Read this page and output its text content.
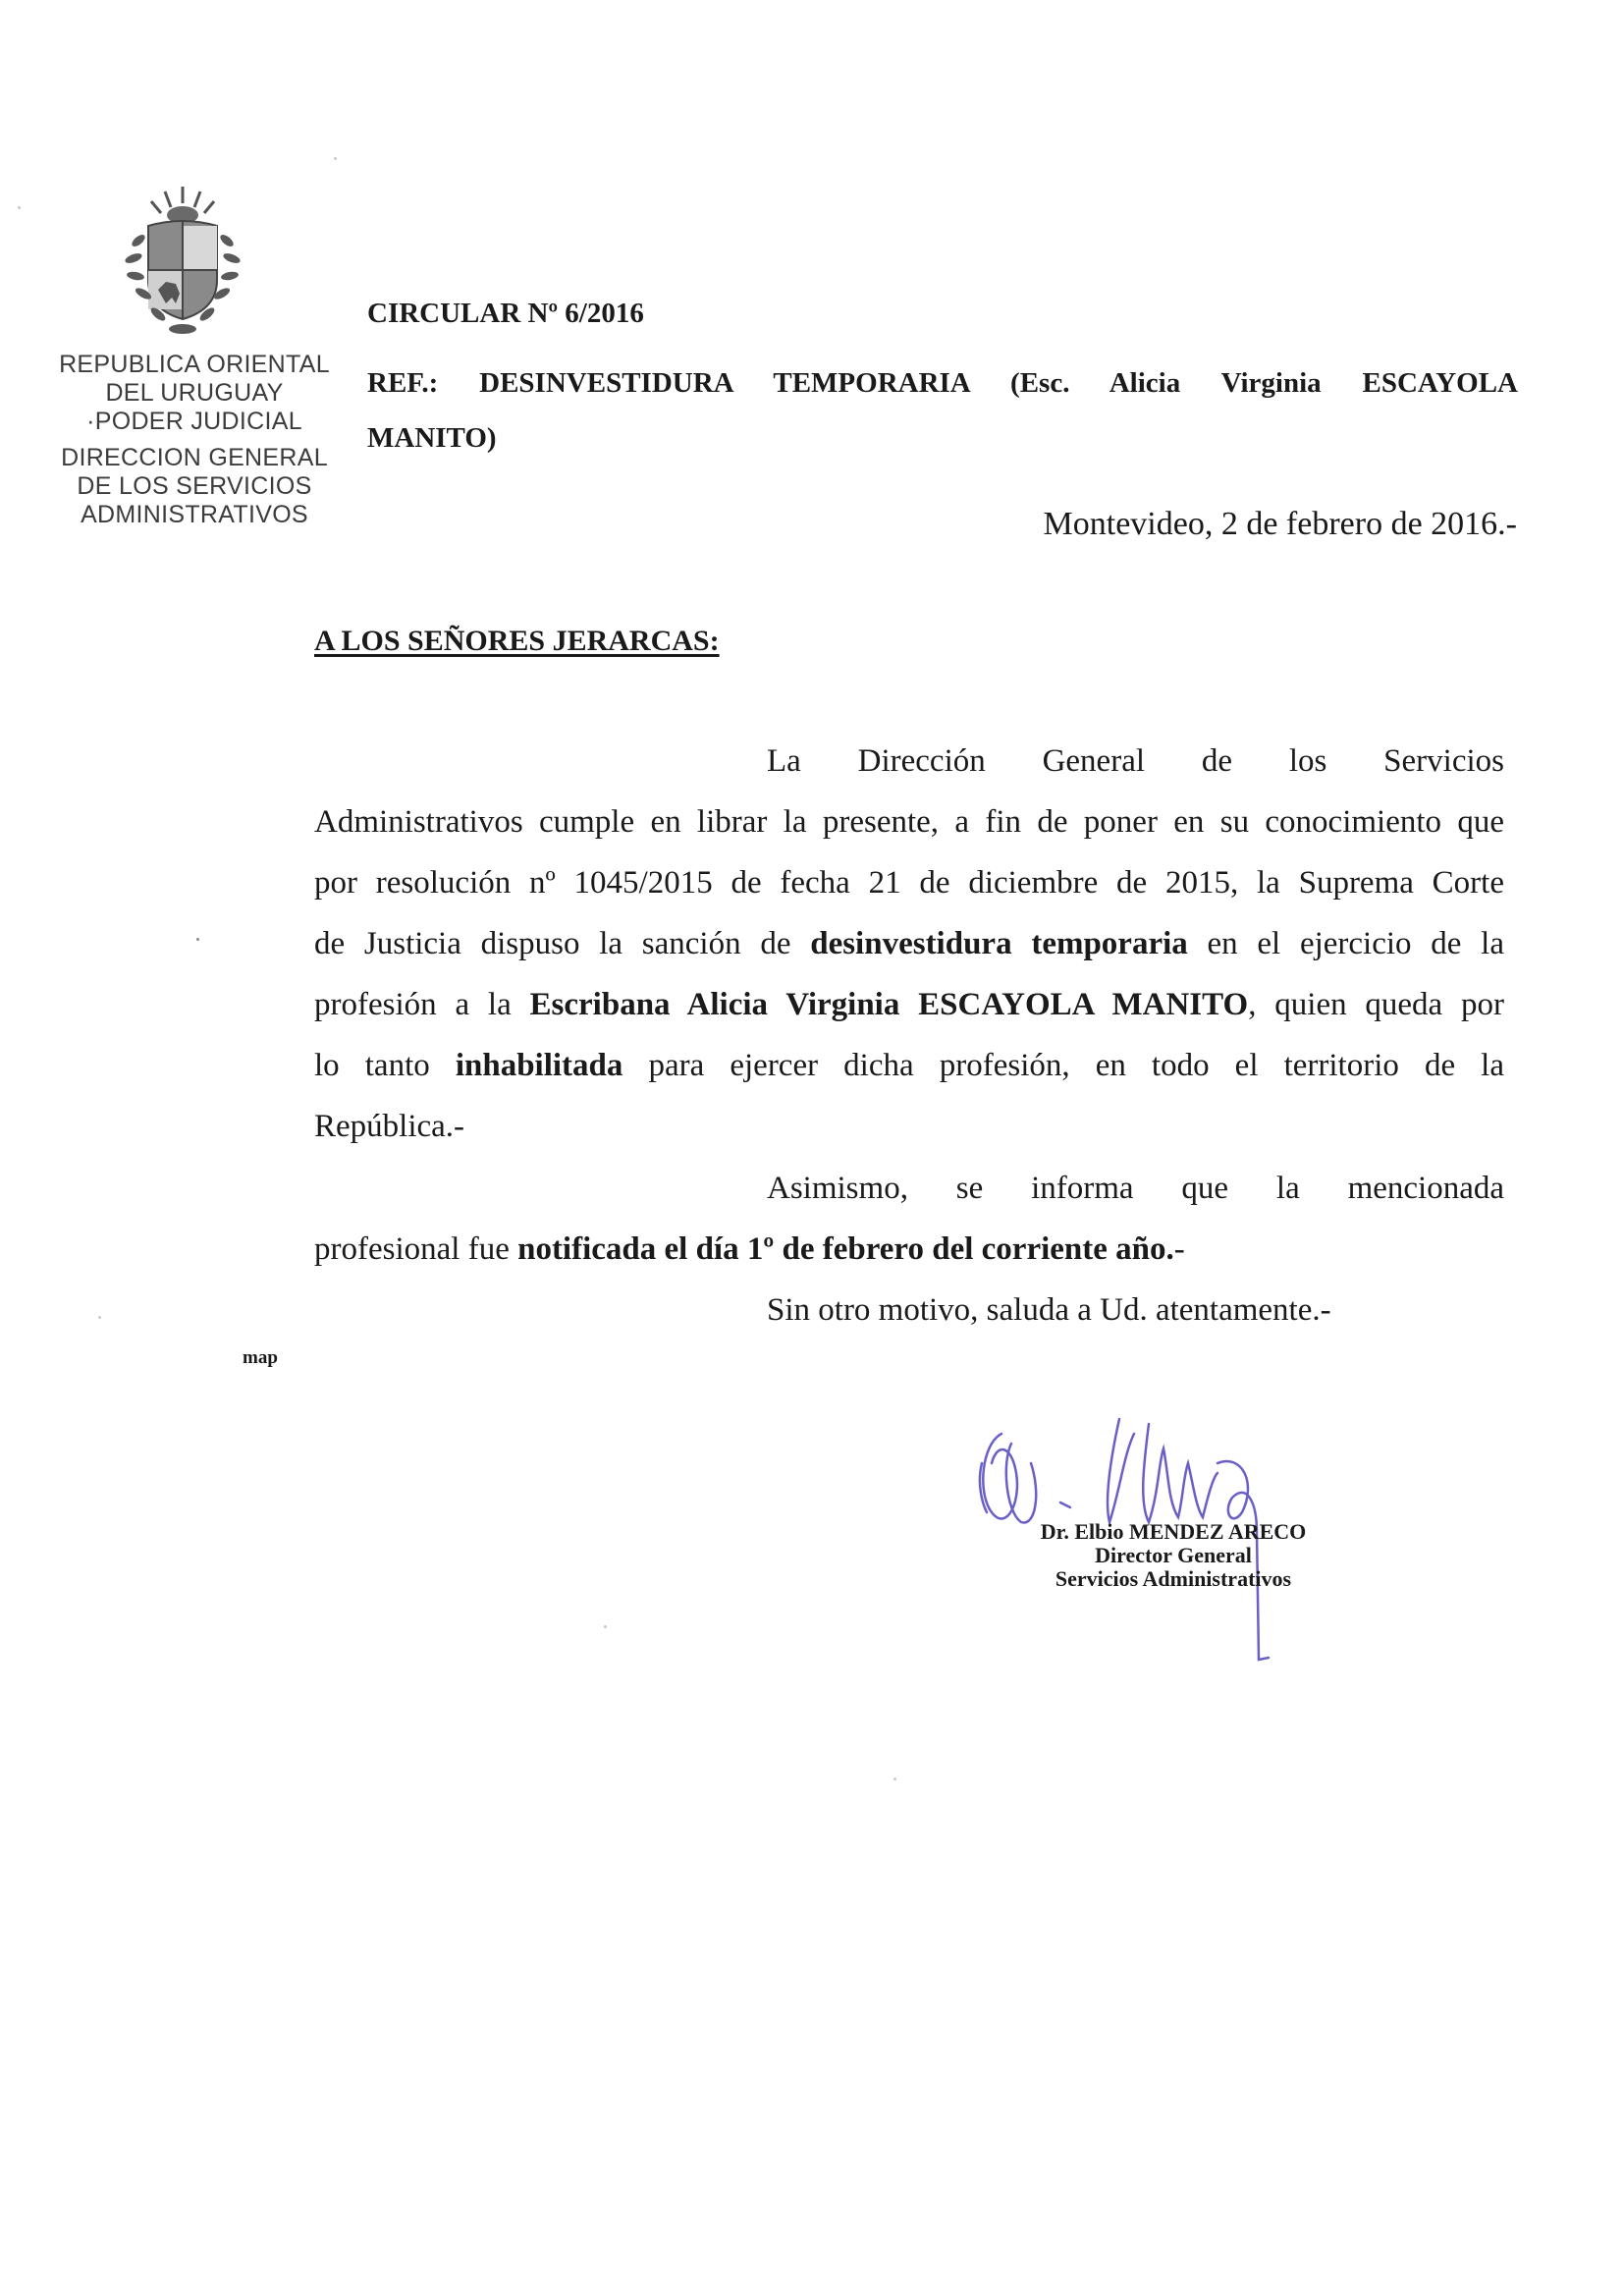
REPUBLICA ORIENTAL
DEL URUGUAY
·PODER JUDICIAL
DIRECCION GENERAL
DE LOS SERVICIOS
ADMINISTRATIVOS
CIRCULAR Nº 6/2016
REF.: DESINVESTIDURA TEMPORARIA (Esc. Alicia Virginia ESCAYOLA
MANITO)
Montevideo, 2 de febrero de 2016.-
A LOS SEÑORES JERARCAS:
La Dirección General de los Servicios
Administrativos cumple en librar la presente, a fin de poner en su conocimiento que
por resolución nº 1045/2015 de fecha 21 de diciembre de 2015, la Suprema Corte
de Justicia dispuso la sanción de desinvestidura temporaria en el ejercicio de la
profesión a la Escribana Alicia Virginia ESCAYOLA MANITO, quien queda por
lo tanto inhabilitada para ejercer dicha profesión, en todo el territorio de la
República.-
Asimismo, se informa que la mencionada
profesional fue notificada el día 1º de febrero del corriente año.-
Sin otro motivo, saluda a Ud. atentamente.-
map
Dr. Elbio MENDEZ ARECO
Director General
Servicios Administrativos
